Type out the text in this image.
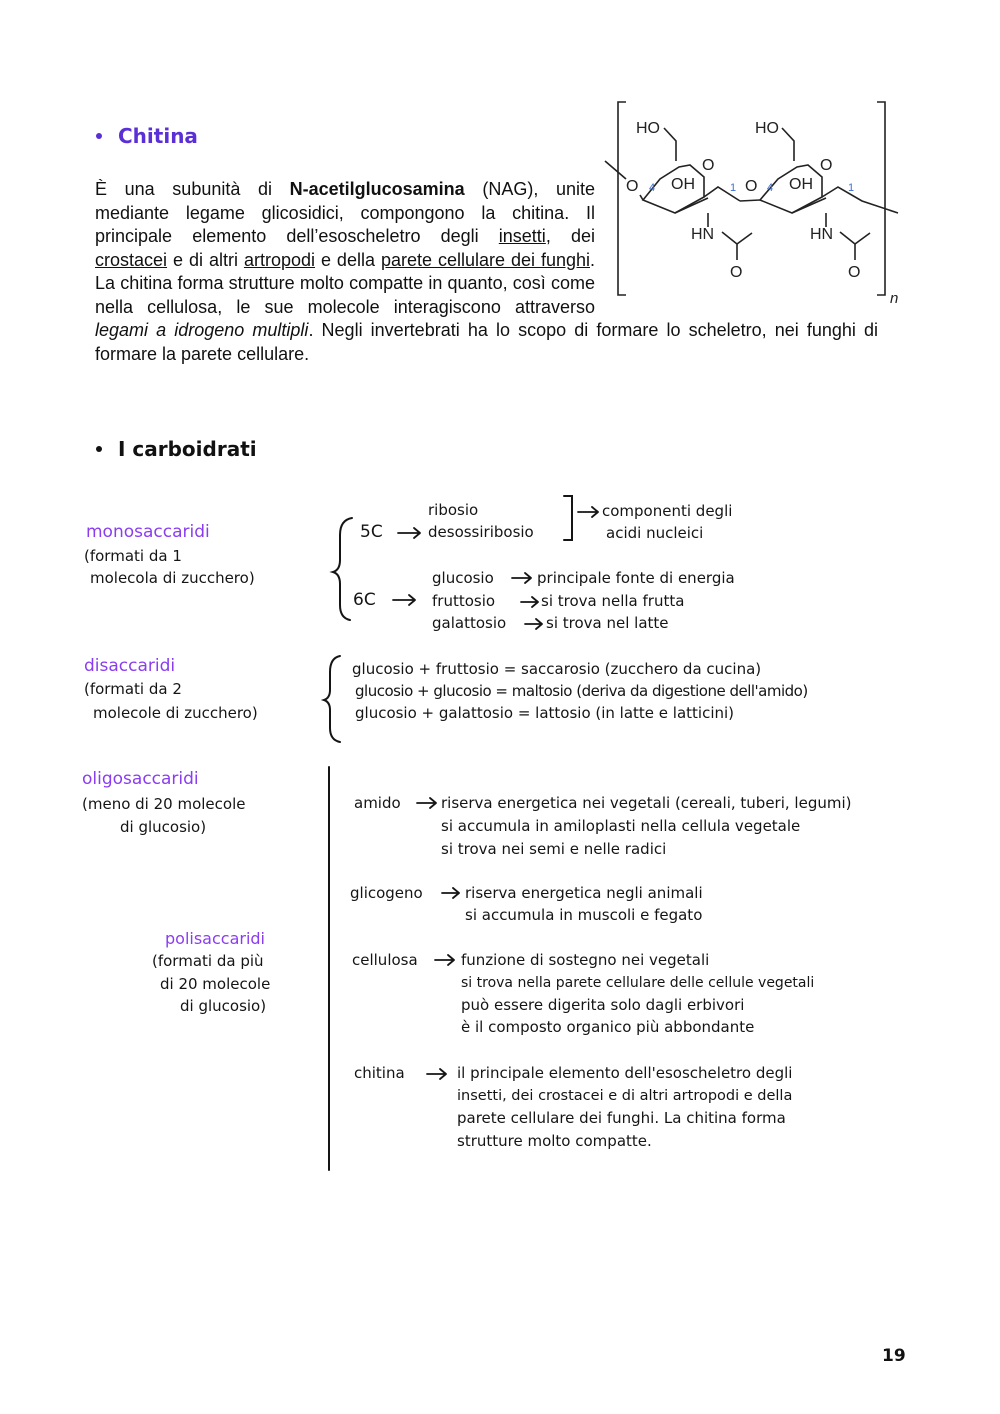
Chitina
È una subunità di N-acetilglucosamina (NAG), unite mediante legame glicosidici, compongono la chitina. Il principale elemento dell’esoscheletro degli insetti, dei crostacei e di altri artropodi e della parete cellulare dei funghi. La chitina forma strutture molto compatte in quanto, così come nella cellulosa, le sue molecole interagiscono attraverso legami a idrogeno multipli. Negli invertebrati ha lo scopo di formare lo scheletro, nei funghi di formare la parete cellulare.
HO	HO
O	O
O	O
OH	OH
HN	HN
O	O
n
4	1	4	1
I carboidrati
monosaccaridi
(formati da 1
molecola di zucchero)
5C
ribosio
desossiribosio
componenti degli
acidi nucleici
6C
glucosio	principale fonte di energia
fruttosio	si trova nella frutta
galattosio	si trova nel latte
disaccaridi
(formati da 2
molecole di zucchero)
glucosio + fruttosio = saccarosio (zucchero da cucina)
glucosio + glucosio = maltosio (deriva da digestione dell'amido)
glucosio + galattosio = lattosio (in latte e latticini)
oligosaccaridi
(meno di 20 molecole
di glucosio)
polisaccaridi
(formati da più
di 20 molecole
di glucosio)
amido	riserva energetica nei vegetali (cereali, tuberi, legumi)
si accumula in amiloplasti nella cellula vegetale
si trova nei semi e nelle radici
glicogeno	riserva energetica negli animali
si accumula in muscoli e fegato
cellulosa	funzione di sostegno nei vegetali
si trova nella parete cellulare delle cellule vegetali
può essere digerita solo dagli erbivori
è il composto organico più abbondante
chitina	il principale elemento dell'esoscheletro degli
insetti, dei crostacei e di altri artropodi e della
parete cellulare dei funghi. La chitina forma
strutture molto compatte.
19
